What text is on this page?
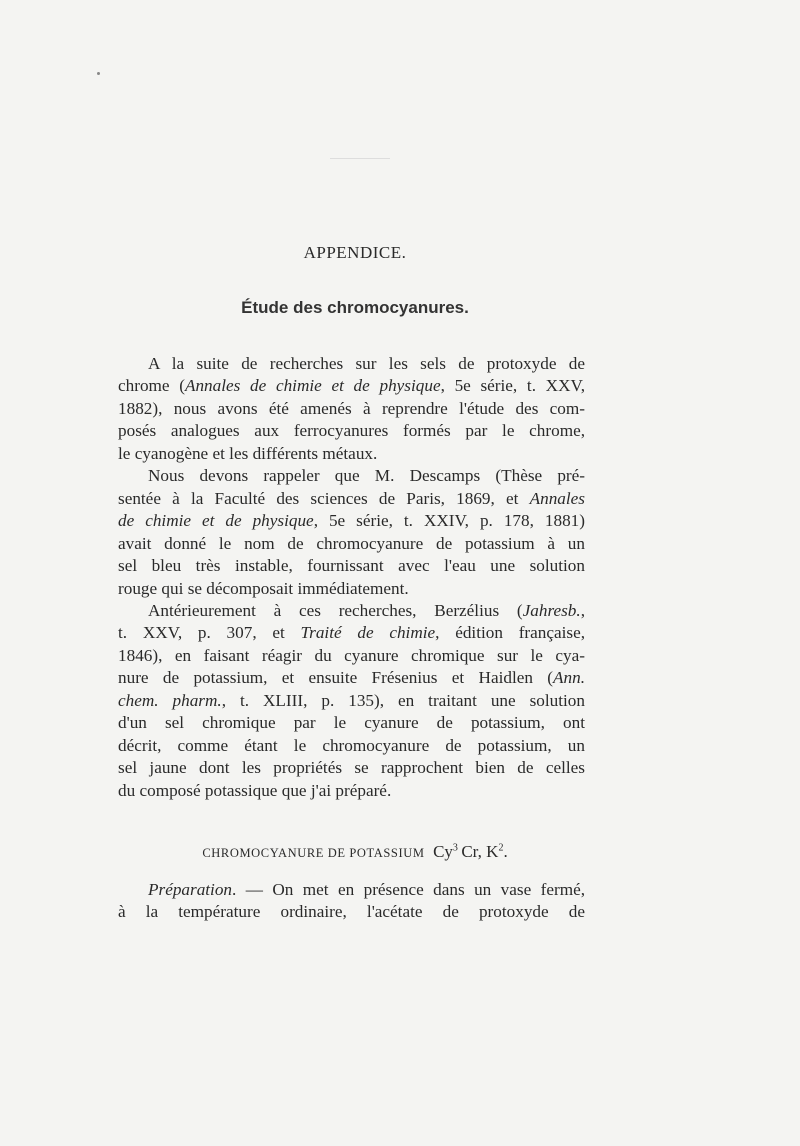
APPENDICE.
Étude des chromocyanures.
A la suite de recherches sur les sels de protoxyde de
chrome (Annales de chimie et de physique, 5e série, t. XXV,
1882), nous avons été amenés à reprendre l'étude des com-
posés analogues aux ferrocyanures formés par le chrome,
le cyanogène et les différents métaux.
Nous devons rappeler que M. Descamps (Thèse pré-
sentée à la Faculté des sciences de Paris, 1869, et Annales
de chimie et de physique, 5e série, t. XXIV, p. 178, 1881)
avait donné le nom de chromocyanure de potassium à un
sel bleu très instable, fournissant avec l'eau une solution
rouge qui se décomposait immédiatement.
Antérieurement à ces recherches, Berzélius (Jahresb.,
t. XXV, p. 307, et Traité de chimie, édition française,
1846), en faisant réagir du cyanure chromique sur le cya-
nure de potassium, et ensuite Frésenius et Haidlen (Ann.
chem. pharm., t. XLIII, p. 135), en traitant une solution
d'un sel chromique par le cyanure de potassium, ont
décrit, comme étant le chromocyanure de potassium, un
sel jaune dont les propriétés se rapprochent bien de celles
du composé potassique que j'ai préparé.
CHROMOCYANURE DE POTASSIUM Cy$^3$  Cr, $K^2$.
Préparation. — On met en présence dans un vase fermé,
à la température ordinaire, l'acétate de protoxyde de
